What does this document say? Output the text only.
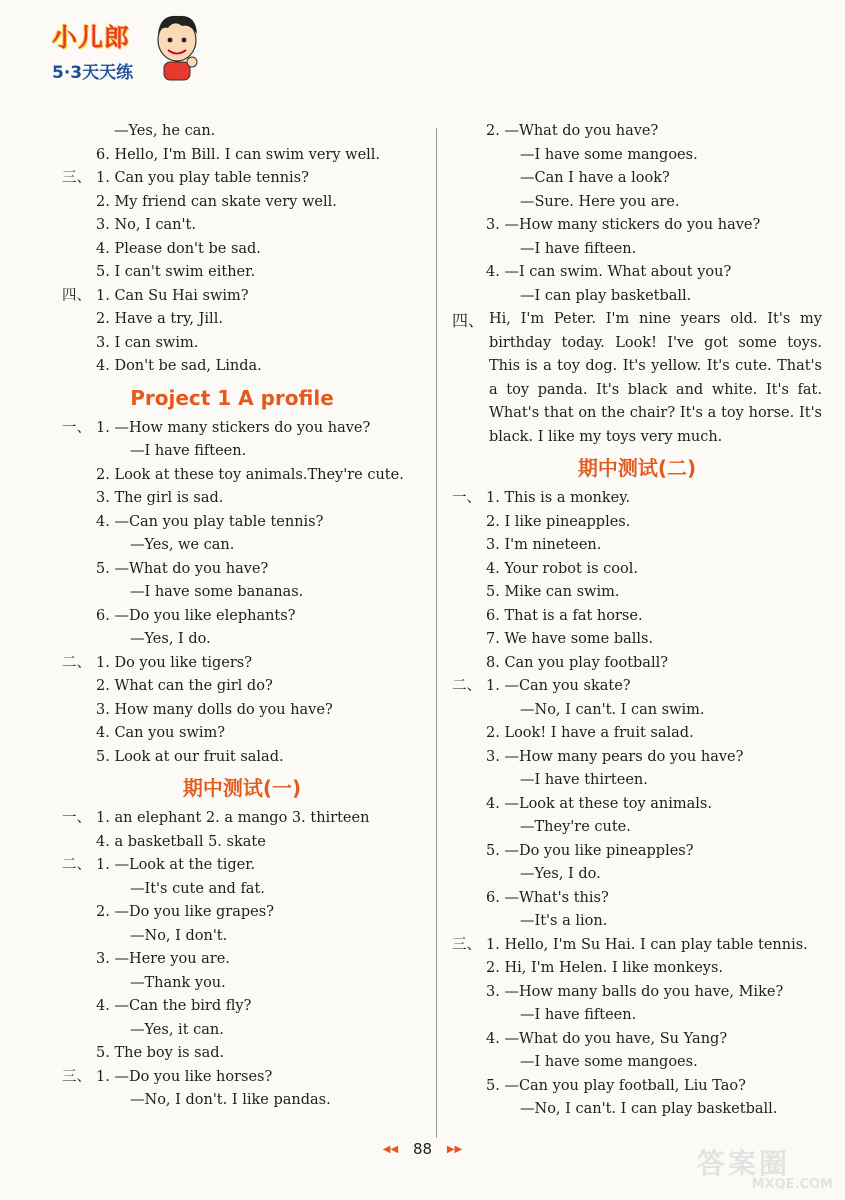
小儿郎
5·3天天练
—Yes, he can.
6. Hello, I'm Bill. I can swim very well.
三、 1. Can you play table tennis?
2. My friend can skate very well.
3. No, I can't.
4. Please don't be sad.
5. I can't swim either.
四、 1. Can Su Hai swim?
2. Have a try, Jill.
3. I can swim.
4. Don't be sad, Linda.
Project 1 A profile
一、 1. —How many stickers do you have?
—I have fifteen.
2. Look at these toy animals.They're cute.
3. The girl is sad.
4. —Can you play table tennis?
—Yes, we can.
5. —What do you have?
—I have some bananas.
6. —Do you like elephants?
—Yes, I do.
二、 1. Do you like tigers?
2. What can the girl do?
3. How many dolls do you have?
4. Can you swim?
5. Look at our fruit salad.
期中测试(一)
一、 1. an elephant 2. a mango 3. thirteen
4. a basketball 5. skate
二、 1. —Look at the tiger.
—It's cute and fat.
2. —Do you like grapes?
—No, I don't.
3. —Here you are.
—Thank you.
4. —Can the bird fly?
—Yes, it can.
5. The boy is sad.
三、 1. —Do you like horses?
—No, I don't. I like pandas.
2. —What do you have?
—I have some mangoes.
—Can I have a look?
—Sure. Here you are.
3. —How many stickers do you have?
—I have fifteen.
4. —I can swim. What about you?
—I can play basketball.
四、 Hi, I'm Peter. I'm nine years old. It's my birthday today. Look! I've got some toys. This is a toy dog. It's yellow. It's cute. That's a toy panda. It's black and white. It's fat. What's that on the chair? It's a toy horse. It's black. I like my toys very much.
期中测试(二)
一、 1. This is a monkey.
2. I like pineapples.
3. I'm nineteen.
4. Your robot is cool.
5. Mike can swim.
6. That is a fat horse.
7. We have some balls.
8. Can you play football?
二、 1. —Can you skate?
—No, I can't. I can swim.
2. Look! I have a fruit salad.
3. —How many pears do you have?
—I have thirteen.
4. —Look at these toy animals.
—They're cute.
5. —Do you like pineapples?
—Yes, I do.
6. —What's this?
—It's a lion.
三、 1. Hello, I'm Su Hai. I can play table tennis.
2. Hi, I'm Helen. I like monkeys.
3. —How many balls do you have, Mike?
—I have fifteen.
4. —What do you have, Su Yang?
—I have some mangoes.
5. —Can you play football, Liu Tao?
—No, I can't. I can play basketball.
◀◀ 88 ▶▶	答案圈
MXQE.COM
